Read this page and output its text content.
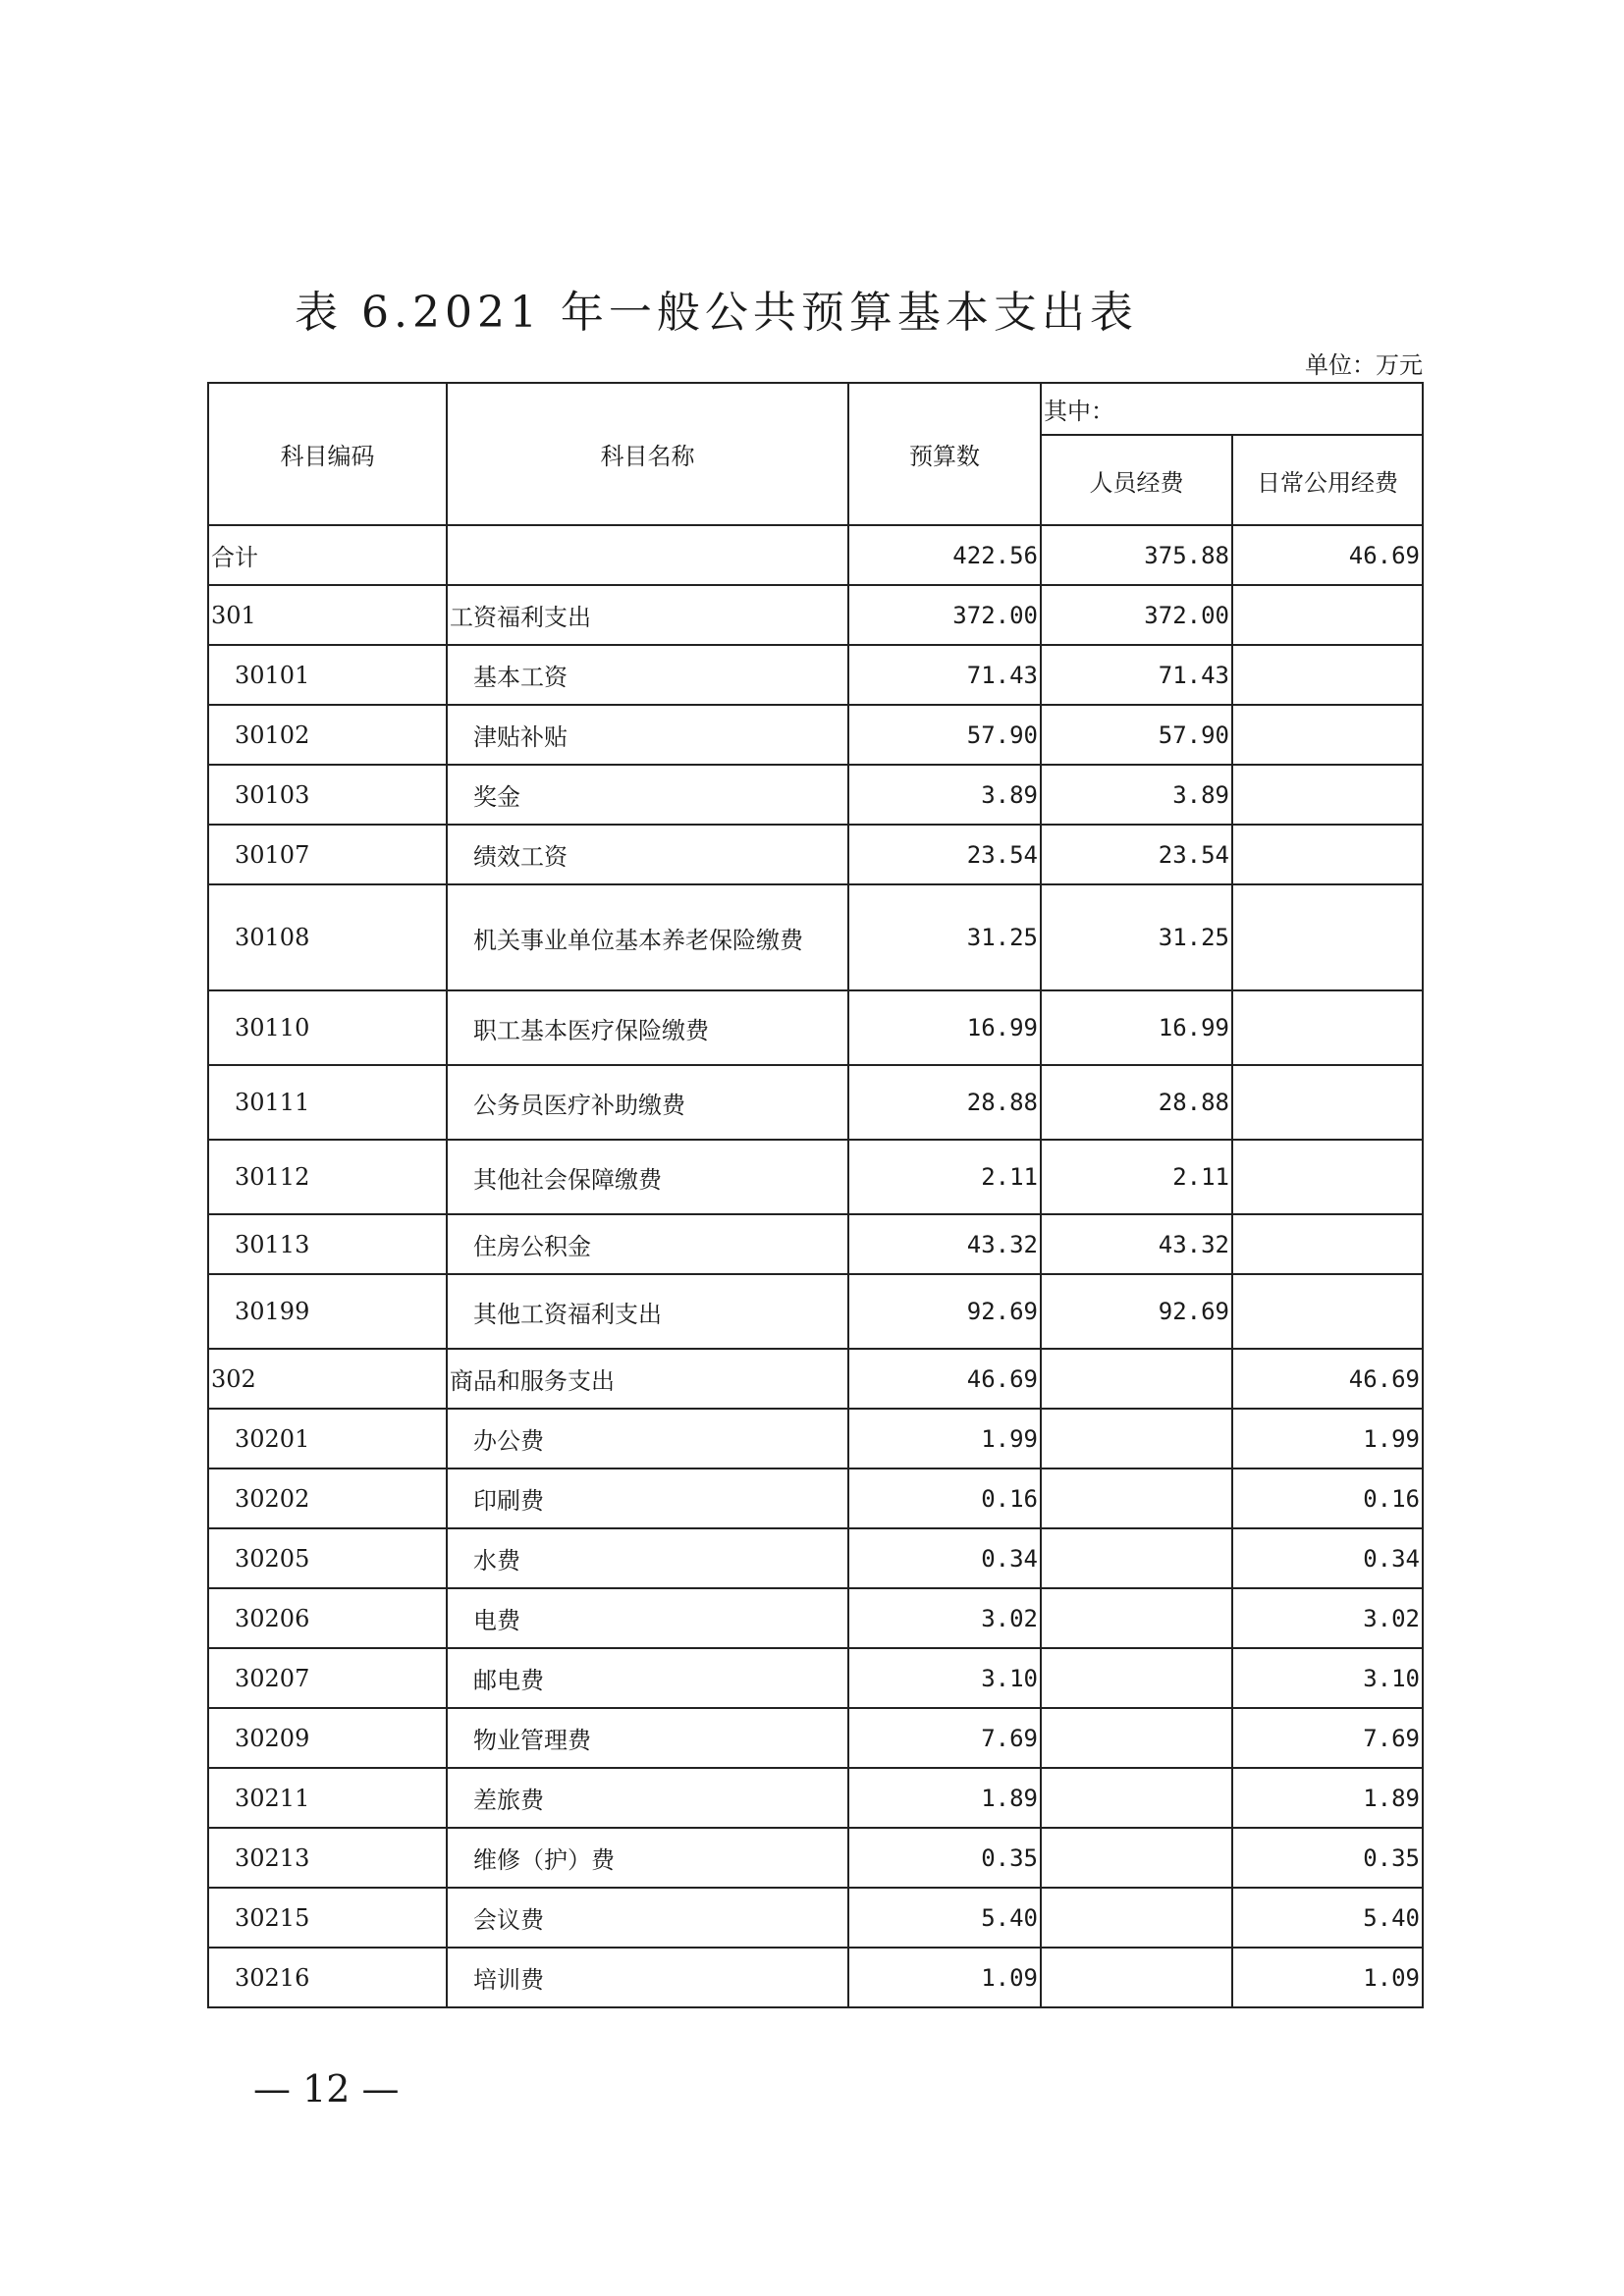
表 6.2021 年一般公共预算基本支出表
单位：万元
科目编码	科目名称	预算数	其中：	
			人员经费	日常公用经费
合计		422.56	375.88	46.69
301	工资福利支出	372.00	372.00	
30101	基本工资	71.43	71.43	
30102	津贴补贴	57.90	57.90	
30103	奖金	3.89	3.89	
30107	绩效工资	23.54	23.54	
30108	机关事业单位基本养老保险缴费	31.25	31.25	
30110	职工基本医疗保险缴费	16.99	16.99	
30111	公务员医疗补助缴费	28.88	28.88	
30112	其他社会保障缴费	2.11	2.11	
30113	住房公积金	43.32	43.32	
30199	其他工资福利支出	92.69	92.69	
302	商品和服务支出	46.69		46.69
30201	办公费	1.99		1.99
30202	印刷费	0.16		0.16
30205	水费	0.34		0.34
30206	电费	3.02		3.02
30207	邮电费	3.10		3.10
30209	物业管理费	7.69		7.69
30211	差旅费	1.89		1.89
30213	维修（护）费	0.35		0.35
30215	会议费	5.40		5.40
30216	培训费	1.09		1.09
— 12 —
